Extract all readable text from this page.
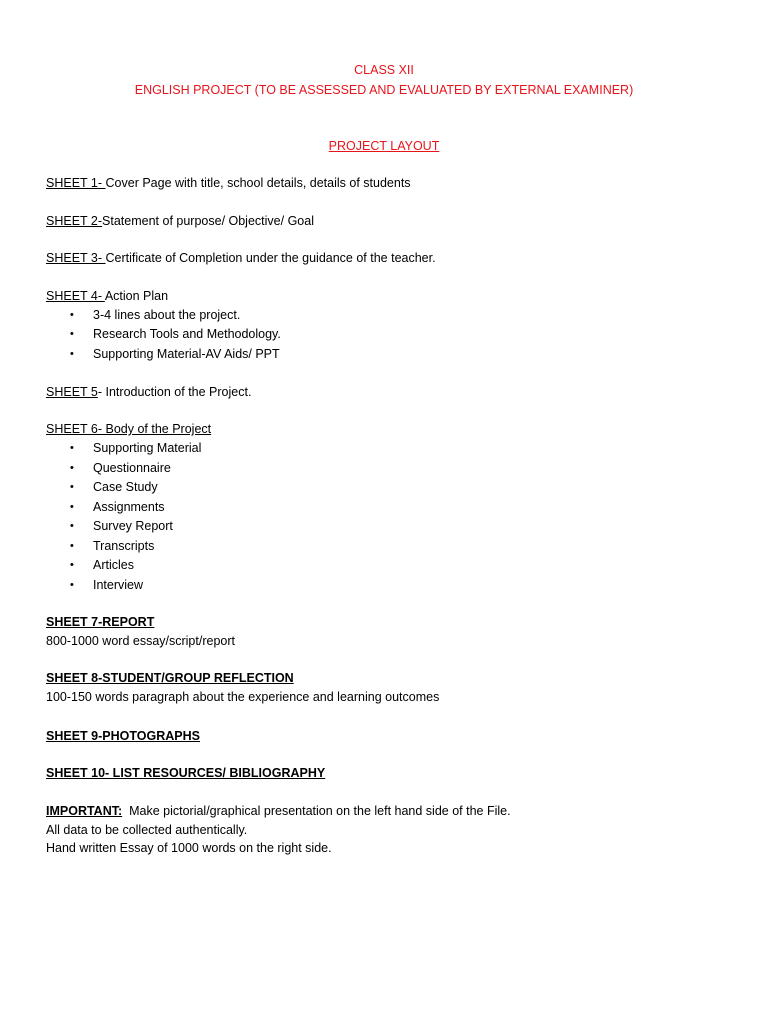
CLASS XII
ENGLISH PROJECT (TO BE ASSESSED AND EVALUATED BY EXTERNAL EXAMINER)
PROJECT LAYOUT
SHEET 1- Cover Page with title, school details, details of students
SHEET 2-Statement of purpose/ Objective/ Goal
SHEET 3- Certificate of Completion under the guidance of the teacher.
SHEET 4- Action Plan
• 3-4 lines about the project.
• Research Tools and Methodology.
• Supporting Material-AV Aids/ PPT
SHEET 5- Introduction of the Project.
SHEET 6- Body of the Project
• Supporting Material
• Questionnaire
• Case Study
• Assignments
• Survey Report
• Transcripts
• Articles
• Interview
SHEET 7-REPORT
800-1000 word essay/script/report
SHEET 8-STUDENT/GROUP REFLECTION
100-150 words paragraph about the experience and learning outcomes
SHEET 9-PHOTOGRAPHS
SHEET 10- LIST RESOURCES/ BIBLIOGRAPHY
IMPORTANT:  Make pictorial/graphical presentation on the left hand side of the File.
All data to be collected authentically.
Hand written Essay of 1000 words on the right side.
